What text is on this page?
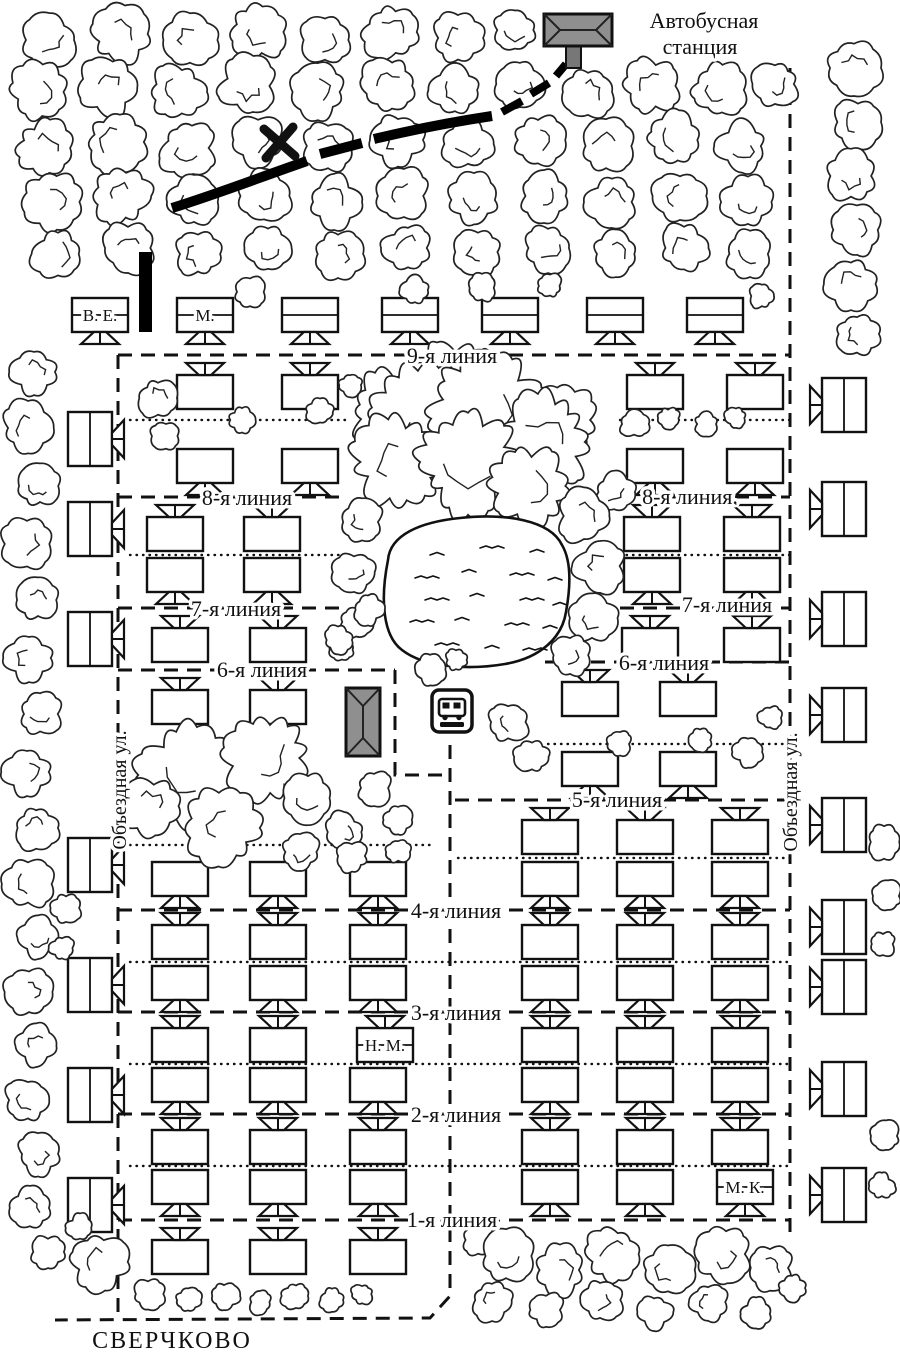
В. Е.	М.
Н. М.
М. К.
Автобусная
станция
9-я линия
8-я линия	8-я линия.
7-я линия	7-я линия
6-я линия	6-я линия
5-я линия
4-я линия
3-я линия
2-я линия
1-я линия
Объездная ул.	Объездная ул.
СВЕРЧКОВО
